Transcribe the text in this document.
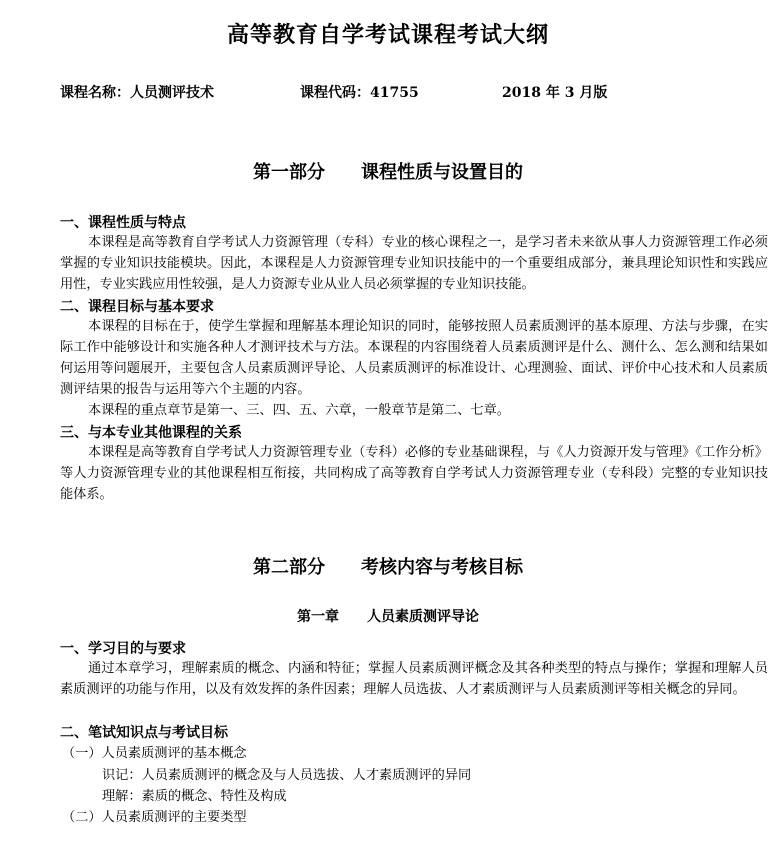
高等教育自学考试课程考试大纲
课程名称：人员测评技术	课程代码：41755	2018 年 3 月版
第一部分　　课程性质与设置目的
一、课程性质与特点
本课程是高等教育自学考试人力资源管理（专科）专业的核心课程之一，是学习者未来欲从事人力资源管理工作必须掌握的专业知识技能模块。因此，本课程是人力资源管理专业知识技能中的一个重要组成部分，兼具理论知识性和实践应用性，专业实践应用性较强，是人力资源专业从业人员必须掌握的专业知识技能。
二、课程目标与基本要求
本课程的目标在于，使学生掌握和理解基本理论知识的同时，能够按照人员素质测评的基本原理、方法与步骤，在实际工作中能够设计和实施各种人才测评技术与方法。本课程的内容围绕着人员素质测评是什么、测什么、怎么测和结果如何运用等问题展开，主要包含人员素质测评导论、人员素质测评的标准设计、心理测验、面试、评价中心技术和人员素质测评结果的报告与运用等六个主题的内容。
本课程的重点章节是第一、三、四、五、六章，一般章节是第二、七章。
三、与本专业其他课程的关系
本课程是高等教育自学考试人力资源管理专业（专科）必修的专业基础课程，与《人力资源开发与管理》《工作分析》等人力资源管理专业的其他课程相互衔接，共同构成了高等教育自学考试人力资源管理专业（专科段）完整的专业知识技能体系。
第二部分　　考核内容与考核目标
第一章　　人员素质测评导论
一、学习目的与要求
通过本章学习，理解素质的概念、内涵和特征；掌握人员素质测评概念及其各种类型的特点与操作；掌握和理解人员素质测评的功能与作用，以及有效发挥的条件因素；理解人员选拔、人才素质测评与人员素质测评等相关概念的异同。
二、笔试知识点与考试目标
（一）人员素质测评的基本概念
识记：人员素质测评的概念及与人员选拔、人才素质测评的异同
理解：素质的概念、特性及构成
（二）人员素质测评的主要类型
